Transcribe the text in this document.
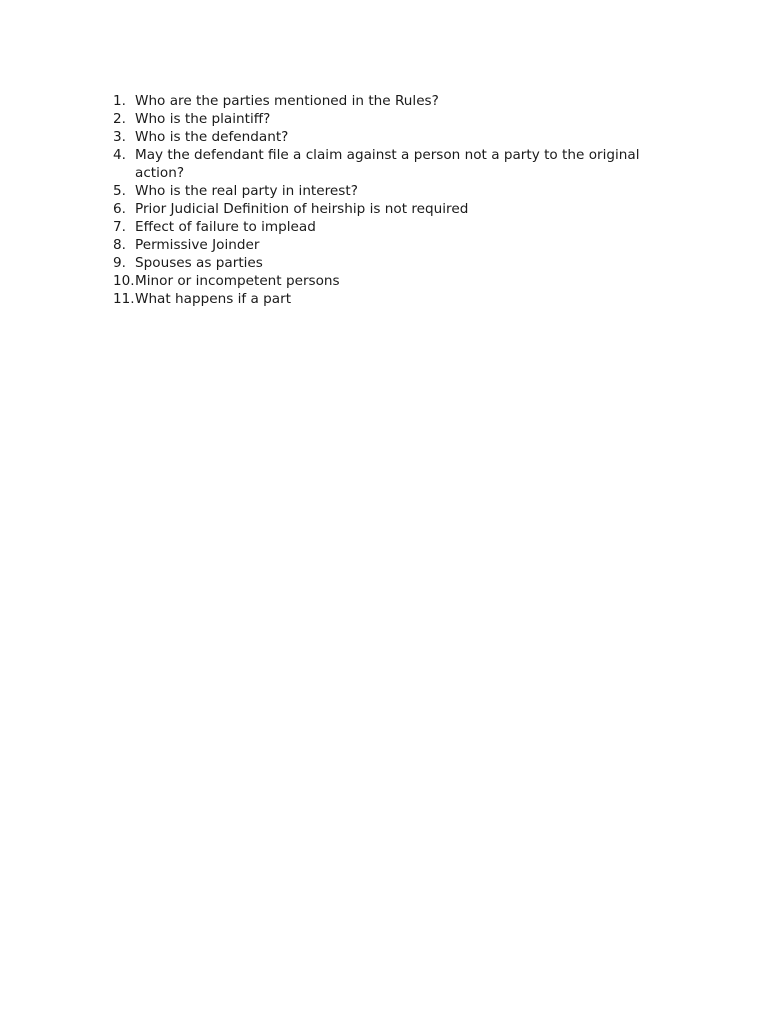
1. Who are the parties mentioned in the Rules?
2. Who is the plaintiff?
3. Who is the defendant?
4. May the defendant file a claim against a person not a party to the original action?
5. Who is the real party in interest?
6. Prior Judicial Definition of heirship is not required
7. Effect of failure to implead
8. Permissive Joinder
9. Spouses as parties
10. Minor or incompetent persons
11. What happens if a part
